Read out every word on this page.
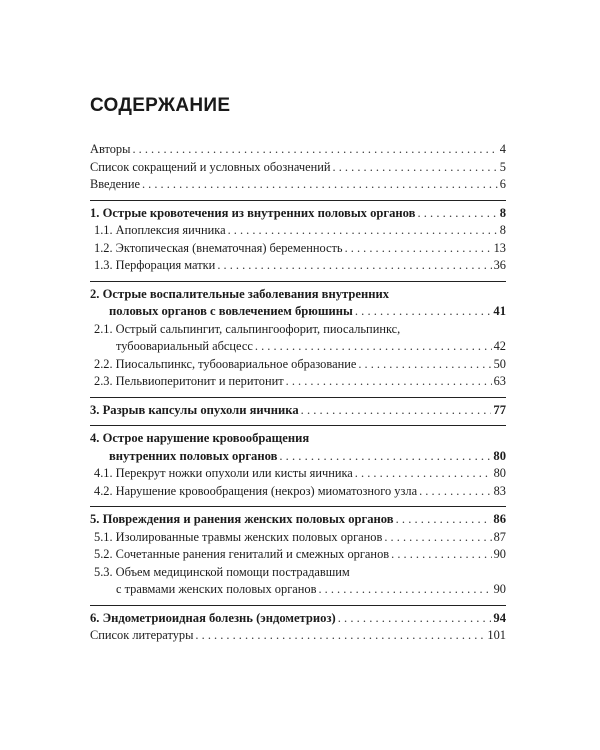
СОДЕРЖАНИЕ
Авторы . . .	4
Список сокращений и условных обозначений . . .	5
Введение . . .	6
1. Острые кровотечения из внутренних половых органов . . .	8
1.1. Апоплексия яичника . . .	8
1.2. Эктопическая (внематочная) беременность . . .	13
1.3. Перфорация матки . . .	36
2. Острые воспалительные заболевания внутренних
половых органов с вовлечением брюшины . . .	41
2.1. Острый сальпингит, сальпингоофорит, пиосальпинкс,
тубоовариальный абсцесс . . .	42
2.2. Пиосальпинкс, тубоовариальное образование . . .	50
2.3. Пельвиоперитонит и перитонит . . .	63
3. Разрыв капсулы опухоли яичника . . .	77
4. Острое нарушение кровообращения
внутренних половых органов . . .	80
4.1. Перекрут ножки опухоли или кисты яичника . . .	80
4.2. Нарушение кровообращения (некроз) миоматозного узла . . .	83
5. Повреждения и ранения женских половых органов . . .	86
5.1. Изолированные травмы женских половых органов . . .	87
5.2. Сочетанные ранения гениталий и смежных органов . . .	90
5.3. Объем медицинской помощи пострадавшим
с травмами женских половых органов . . .	90
6. Эндометриоидная болезнь (эндометриоз) . . .	94
Список литературы . . .	101
